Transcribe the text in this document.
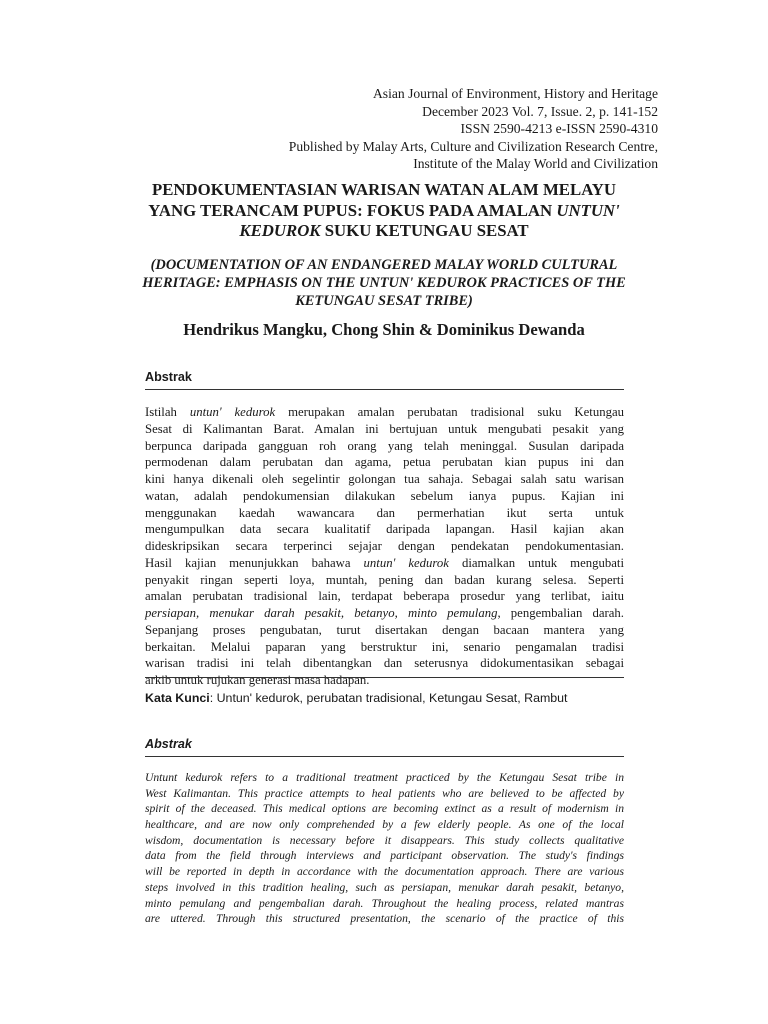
Asian Journal of Environment, History and Heritage
December 2023 Vol. 7, Issue. 2, p. 141-152
ISSN 2590-4213 e-ISSN 2590-4310
Published by Malay Arts, Culture and Civilization Research Centre,
Institute of the Malay World and Civilization
PENDOKUMENTASIAN WARISAN WATAN ALAM MELAYU
YANG TERANCAM PUPUS: FOKUS PADA AMALAN UNTUN'
KEDUROK SUKU KETUNGAU SESAT
(DOCUMENTATION OF AN ENDANGERED MALAY WORLD CULTURAL
HERITAGE: EMPHASIS ON THE UNTUN' KEDUROK PRACTICES OF THE
KETUNGAU SESAT TRIBE)
Hendrikus Mangku, Chong Shin & Dominikus Dewanda
Abstrak
Istilah untun' kedurok merupakan amalan perubatan tradisional suku Ketungau
Sesat di Kalimantan Barat. Amalan ini bertujuan untuk mengubati pesakit yang
berpunca daripada gangguan roh orang yang telah meninggal. Susulan daripada
permodenan dalam perubatan dan agama, petua perubatan kian pupus ini dan
kini hanya dikenali oleh segelintir golongan tua sahaja. Sebagai salah satu warisan
watan, adalah pendokumensian dilakukan sebelum ianya pupus. Kajian ini
menggunakan kaedah wawancara dan permerhatian ikut serta untuk
mengumpulkan data secara kualitatif daripada lapangan. Hasil kajian akan
dideskripsikan secara terperinci sejajar dengan pendekatan pendokumentasian.
Hasil kajian menunjukkan bahawa untun' kedurok diamalkan untuk mengubati
penyakit ringan seperti loya, muntah, pening dan badan kurang selesa. Seperti
amalan perubatan tradisional lain, terdapat beberapa prosedur yang terlibat, iaitu
persiapan, menukar darah pesakit, betanyo, minto pemulang, pengembalian darah.
Sepanjang proses pengubatan, turut disertakan dengan bacaan mantera yang
berkaitan. Melalui paparan yang berstruktur ini, senario pengamalan tradisi
warisan tradisi ini telah dibentangkan dan seterusnya didokumentasikan sebagai
arkib untuk rujukan generasi masa hadapan.
Kata Kunci: Untun' kedurok, perubatan tradisional, Ketungau Sesat, Rambut
Abstrak
Untunt kedurok refers to a traditional treatment practiced by the Ketungau Sesat tribe in
West Kalimantan. This practice attempts to heal patients who are believed to be affected by
spirit of the deceased. This medical options are becoming extinct as a result of modernism in
healthcare, and are now only comprehended by a few elderly people. As one of the local
wisdom, documentation is necessary before it disappears. This study collects qualitative
data from the field through interviews and participant observation. The study's findings
will be reported in depth in accordance with the documentation approach. There are various
steps involved in this tradition healing, such as persiapan, menukar darah pesakit, betanyo,
minto pemulang and pengembalian darah. Throughout the healing process, related mantras
are uttered. Through this structured presentation, the scenario of the practice of this
